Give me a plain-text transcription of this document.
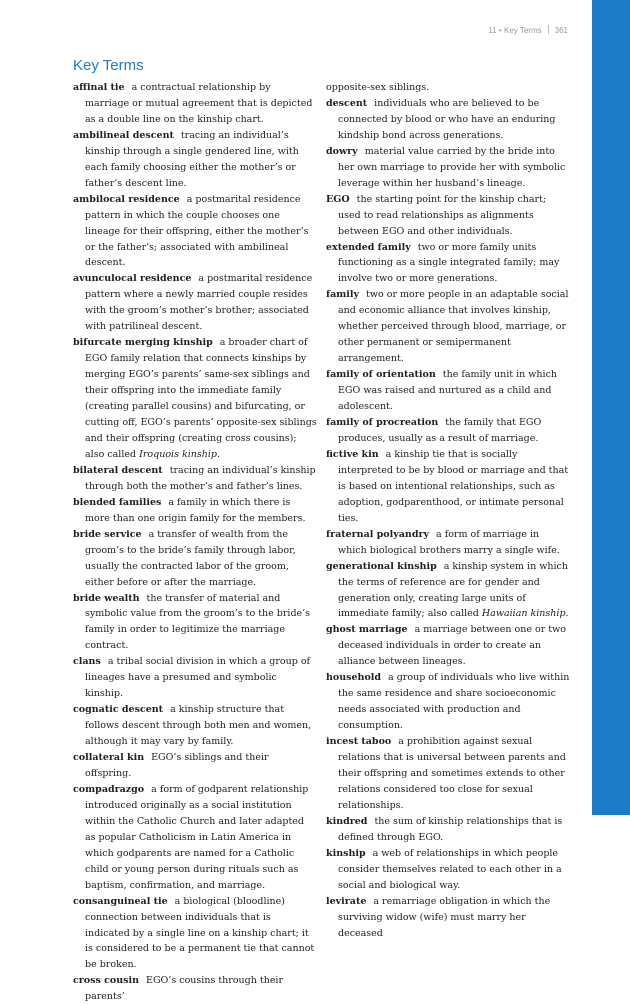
11 • Key Terms 361
Key Terms

affinal tie a contractual relationship by marriage or mutual agreement that is depicted as a double line on the kinship chart.

ambilineal descent tracing an individual’s kinship through a single gendered line, with each family choosing either the mother’s or father’s descent line.

ambilocal residence a postmarital residence pattern in which the couple chooses one lineage for their offspring, either the mother’s or the father’s; associated with ambilineal descent.

avunculocal residence a postmarital residence pattern where a newly married couple resides with the groom’s mother’s brother; associated with patrilineal descent.

bifurcate merging kinship a broader chart of EGO family relation that connects kinships by merging EGO’s parents’ same-sex siblings and their offspring into the immediate family (creating parallel cousins) and bifurcating, or cutting off, EGO’s parents’ opposite-sex siblings and their offspring (creating cross cousins); also called Iroquois kinship.

bilateral descent tracing an individual’s kinship through both the mother’s and father’s lines.

blended families a family in which there is more than one origin family for the members.

bride service a transfer of wealth from the groom’s to the bride’s family through labor, usually the contracted labor of the groom, either before or after the marriage.

bride wealth the transfer of material and symbolic value from the groom’s to the bride’s family in order to legitimize the marriage contract.

clans a tribal social division in which a group of lineages have a presumed and symbolic kinship.

cognatic descent a kinship structure that follows descent through both men and women, although it may vary by family.

collateral kin EGO’s siblings and their offspring.

compadrazgo a form of godparent relationship introduced originally as a social institution within the Catholic Church and later adapted as popular Catholicism in Latin America in which godparents are named for a Catholic child or young person during rituals such as baptism, confirmation, and marriage.

consanguineal tie a biological (bloodline) connection between individuals that is indicated by a single line on a kinship chart; it is considered to be a permanent tie that cannot be broken.

cross cousin EGO’s cousins through their parents’

opposite-sex siblings.

descent individuals who are believed to be connected by blood or who have an enduring kindship bond across generations.

dowry material value carried by the bride into her own marriage to provide her with symbolic leverage within her husband’s lineage.

EGO the starting point for the kinship chart; used to read relationships as alignments between EGO and other individuals.

extended family two or more family units functioning as a single integrated family; may involve two or more generations.

family two or more people in an adaptable social and economic alliance that involves kinship, whether perceived through blood, marriage, or other permanent or semipermanent arrangement.

family of orientation the family unit in which EGO was raised and nurtured as a child and adolescent.

family of procreation the family that EGO produces, usually as a result of marriage.

fictive kin a kinship tie that is socially interpreted to be by blood or marriage and that is based on intentional relationships, such as adoption, godparenthood, or intimate personal ties.

fraternal polyandry a form of marriage in which biological brothers marry a single wife.

generational kinship a kinship system in which the terms of reference are for gender and generation only, creating large units of immediate family; also called Hawaiian kinship.

ghost marriage a marriage between one or two deceased individuals in order to create an alliance between lineages.

household a group of individuals who live within the same residence and share socioeconomic needs associated with production and consumption.

incest taboo a prohibition against sexual relations that is universal between parents and their offspring and sometimes extends to other relations considered too close for sexual relationships.

kindred the sum of kinship relationships that is defined through EGO.

kinship a web of relationships in which people consider themselves related to each other in a social and biological way.

levirate a remarriage obligation in which the surviving widow (wife) must marry her deceased
